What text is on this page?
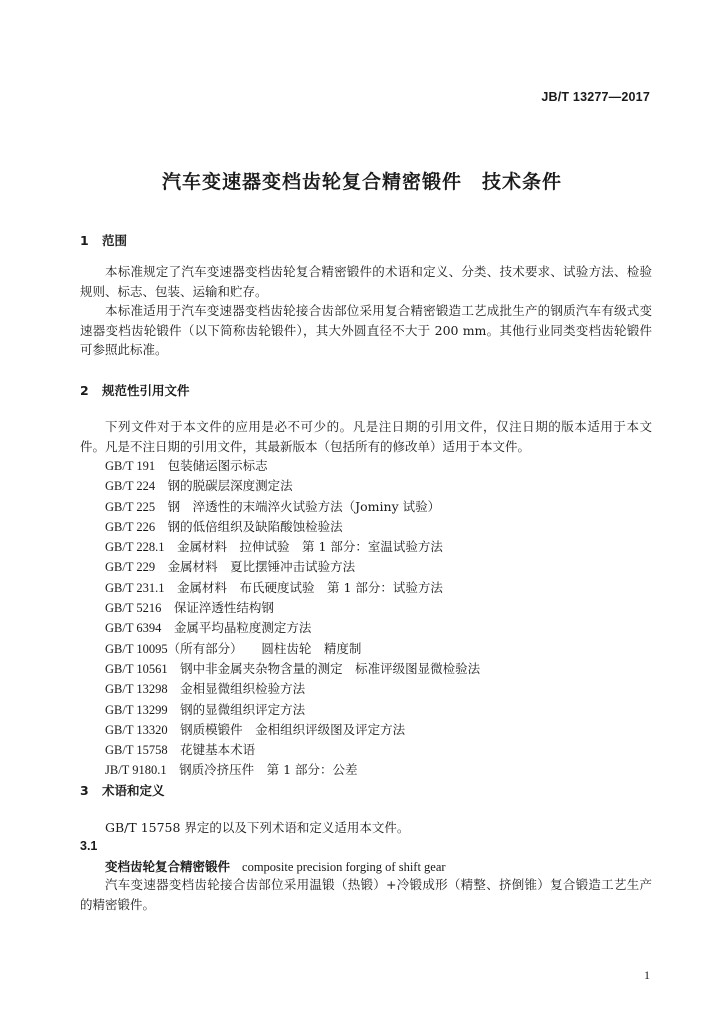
JB/T 13277—2017
汽车变速器变档齿轮复合精密锻件　技术条件
1 范围
本标准规定了汽车变速器变档齿轮复合精密锻件的术语和定义、分类、技术要求、试验方法、检验规则、标志、包装、运输和贮存。
本标准适用于汽车变速器变档齿轮接合齿部位采用复合精密锻造工艺成批生产的钢质汽车有级式变速器变档齿轮锻件（以下简称齿轮锻件），其大外圆直径不大于 200 mm。其他行业同类变档齿轮锻件可参照此标准。
2 规范性引用文件
下列文件对于本文件的应用是必不可少的。凡是注日期的引用文件，仅注日期的版本适用于本文件。凡是不注日期的引用文件，其最新版本（包括所有的修改单）适用于本文件。
GB/T 191　 包装储运图示标志
GB/T 224　 钢的脱碳层深度测定法
GB/T 225　 钢　淬透性的末端淬火试验方法（Jominy 试验）
GB/T 226　 钢的低倍组织及缺陷酸蚀检验法
GB/T 228.1　 金属材料　拉伸试验　第 1 部分：室温试验方法
GB/T 229　 金属材料　夏比摆锤冲击试验方法
GB/T 231.1　 金属材料　布氏硬度试验　第 1 部分：试验方法
GB/T 5216　 保证淬透性结构钢
GB/T 6394　 金属平均晶粒度测定方法
GB/T 10095（所有部分）　　圆柱齿轮　精度制
GB/T 10561　 钢中非金属夹杂物含量的测定　标准评级图显微检验法
GB/T 13298　 金相显微组织检验方法
GB/T 13299　 钢的显微组织评定方法
GB/T 13320　 钢质模锻件　金相组织评级图及评定方法
GB/T 15758　 花键基本术语
JB/T 9180.1　 钢质冷挤压件　第 1 部分：公差
3 术语和定义
GB/T 15758 界定的以及下列术语和定义适用本文件。
3.1
变档齿轮复合精密锻件 composite precision forging of shift gear
汽车变速器变档齿轮接合齿部位采用温锻（热锻）+冷锻成形（精整、挤倒锥）复合锻造工艺生产的精密锻件。
1
